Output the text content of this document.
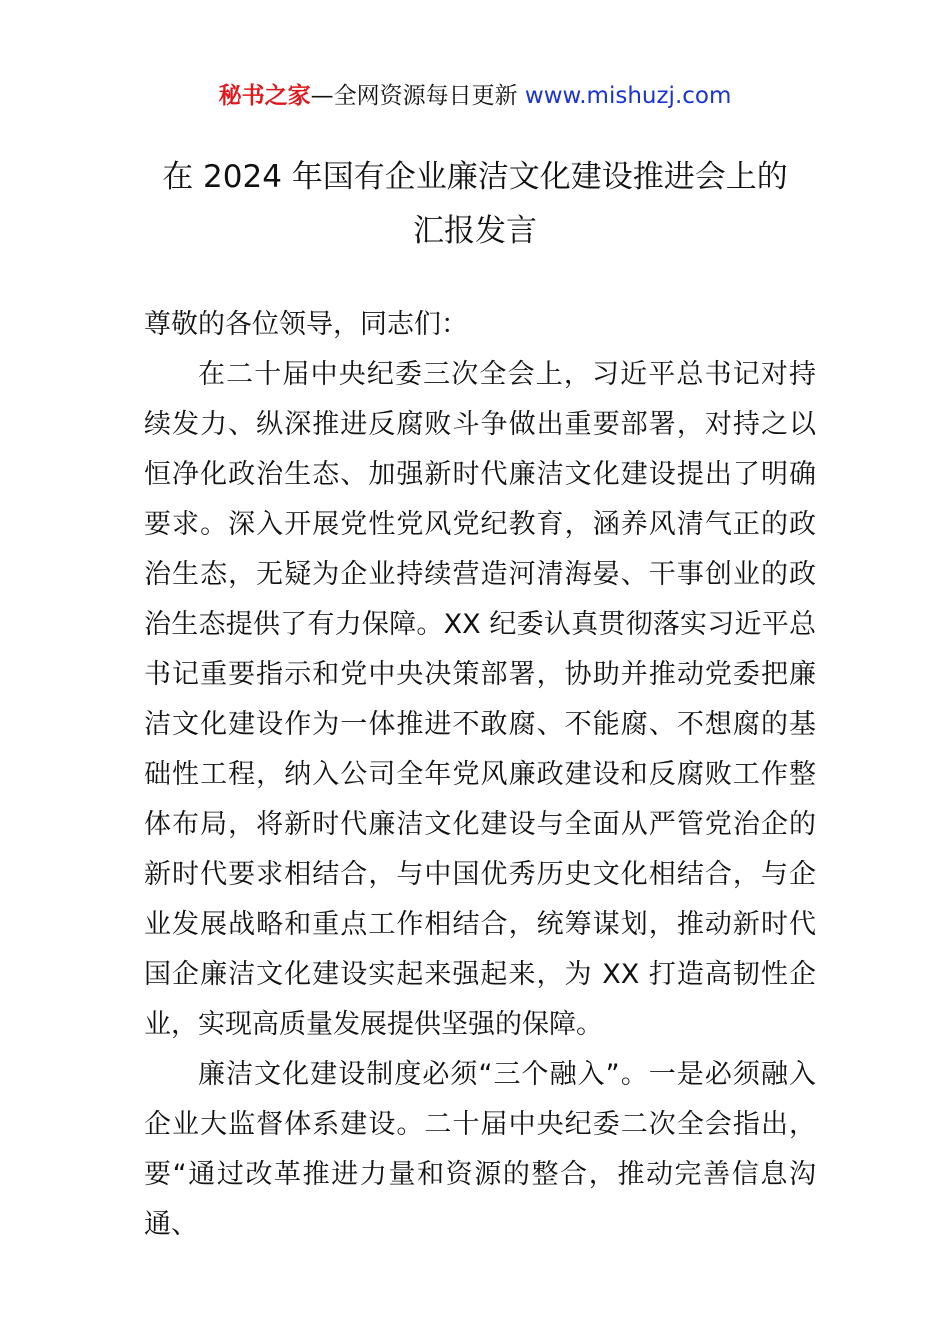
秘书之家—全网资源每日更新 www.mishuzj.com
在 2024 年国有企业廉洁文化建设推进会上的
汇报发言

尊敬的各位领导，同志们：

在二十届中央纪委三次全会上，习近平总书记对持续发力、纵深推进反腐败斗争做出重要部署，对持之以恒净化政治生态、加强新时代廉洁文化建设提出了明确要求。深入开展党性党风党纪教育，涵养风清气正的政治生态，无疑为企业持续营造河清海晏、干事创业的政治生态提供了有力保障。XX 纪委认真贯彻落实习近平总书记重要指示和党中央决策部署，协助并推动党委把廉洁文化建设作为一体推进不敢腐、不能腐、不想腐的基础性工程，纳入公司全年党风廉政建设和反腐败工作整体布局，将新时代廉洁文化建设与全面从严管党治企的新时代要求相结合，与中国优秀历史文化相结合，与企业发展战略和重点工作相结合，统筹谋划，推动新时代国企廉洁文化建设实起来强起来，为 XX 打造高韧性企业，实现高质量发展提供坚强的保障。

廉洁文化建设制度必须“三个融入”。一是必须融入企业大监督体系建设。二十届中央纪委二次全会指出，要“通过改革推进力量和资源的整合，推动完善信息沟通、
